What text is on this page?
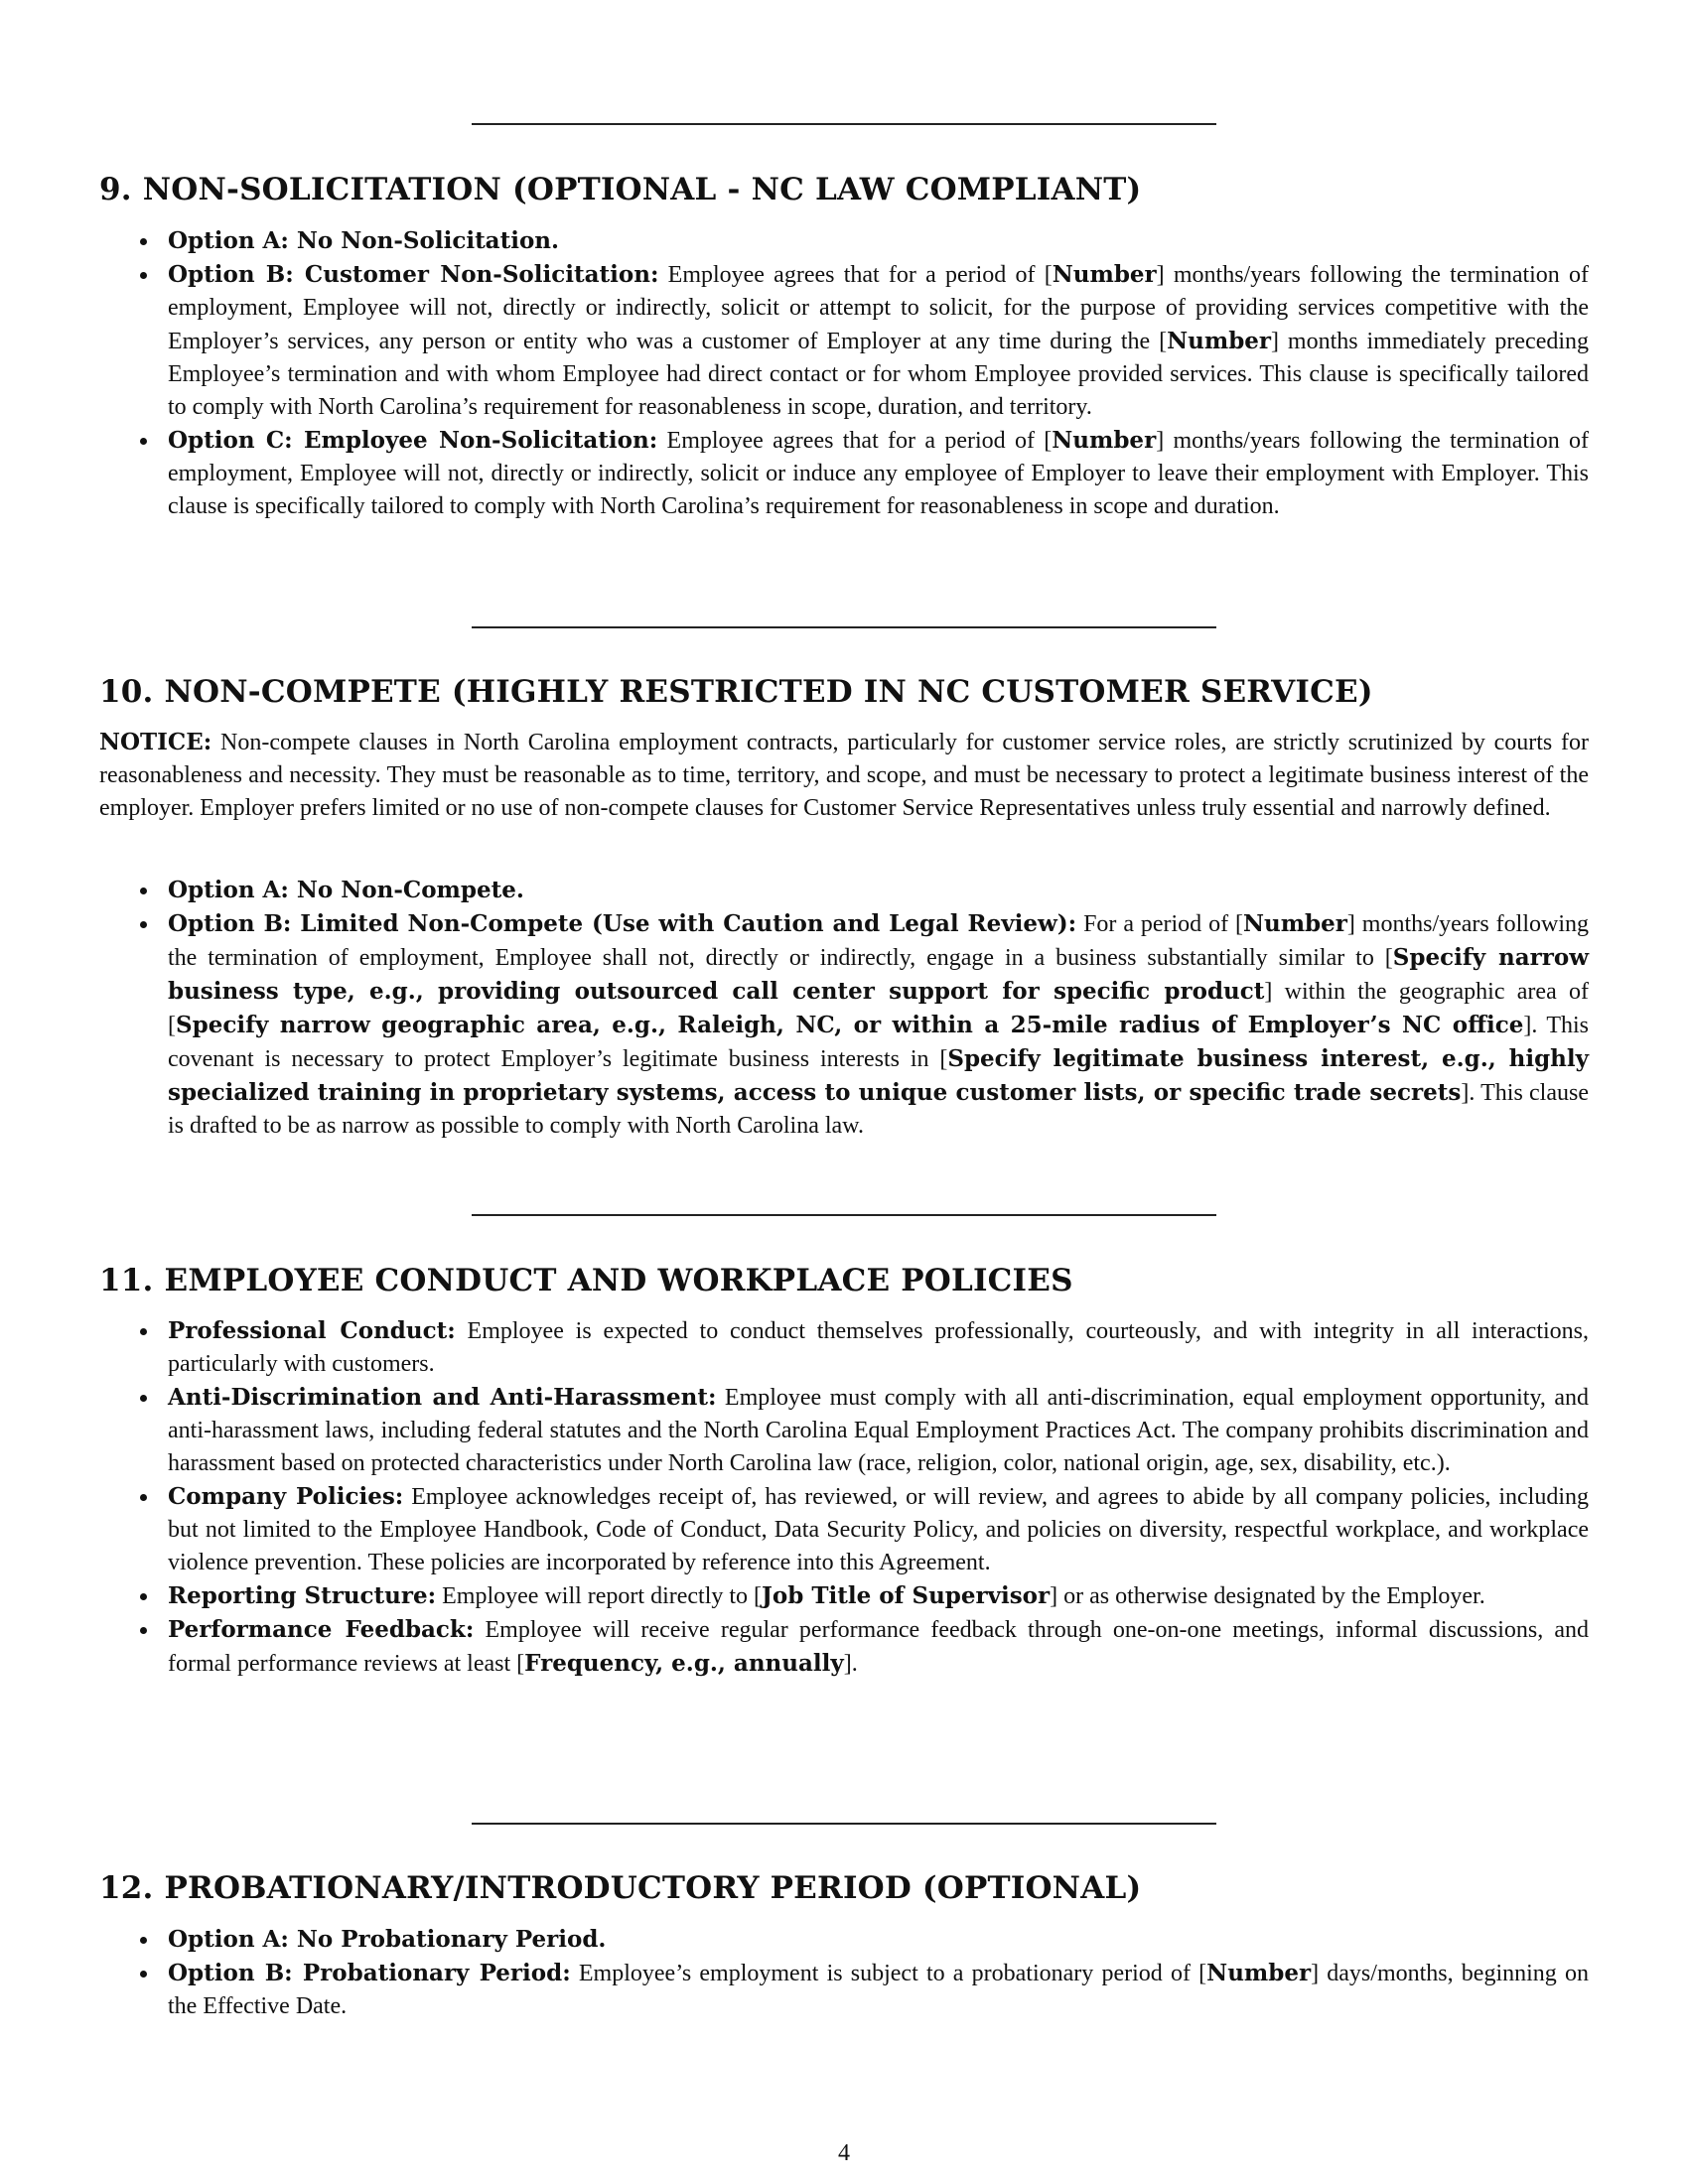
9. NON-SOLICITATION (OPTIONAL - NC LAW COMPLIANT)
Option A: No Non-Solicitation.
Option B: Customer Non-Solicitation: Employee agrees that for a period of [Number] months/years following the termination of employment, Employee will not, directly or indirectly, solicit or attempt to solicit, for the purpose of providing services competitive with the Employer’s services, any person or entity who was a customer of Employer at any time during the [Number] months immediately preceding Employee’s termination and with whom Employee had direct contact or for whom Employee provided services. This clause is specifically tailored to comply with North Carolina’s requirement for reasonableness in scope, duration, and territory.
Option C: Employee Non-Solicitation: Employee agrees that for a period of [Number] months/years following the termination of employment, Employee will not, directly or indirectly, solicit or induce any employee of Employer to leave their employment with Employer. This clause is specifically tailored to comply with North Carolina’s requirement for reasonableness in scope and duration.
10. NON-COMPETE (HIGHLY RESTRICTED IN NC CUSTOMER SERVICE)

NOTICE: Non-compete clauses in North Carolina employment contracts, particularly for customer service roles, are strictly scrutinized by courts for reasonableness and necessity. They must be reasonable as to time, territory, and scope, and must be necessary to protect a legitimate business interest of the employer. Employer prefers limited or no use of non-compete clauses for Customer Service Representatives unless truly essential and narrowly defined.

Option A: No Non-Compete.
Option B: Limited Non-Compete (Use with Caution and Legal Review): For a period of [Number] months/years following the termination of employment, Employee shall not, directly or indirectly, engage in a business substantially similar to [Specify narrow business type, e.g., providing outsourced call center support for specific product] within the geographic area of [Specify narrow geographic area, e.g., Raleigh, NC, or within a 25-mile radius of Employer’s NC office]. This covenant is necessary to protect Employer’s legitimate business interests in [Specify legitimate business interest, e.g., highly specialized training in proprietary systems, access to unique customer lists, or specific trade secrets]. This clause is drafted to be as narrow as possible to comply with North Carolina law.
11. EMPLOYEE CONDUCT AND WORKPLACE POLICIES
Professional Conduct: Employee is expected to conduct themselves professionally, courteously, and with integrity in all interactions, particularly with customers.
Anti-Discrimination and Anti-Harassment: Employee must comply with all anti-discrimination, equal employment opportunity, and anti-harassment laws, including federal statutes and the North Carolina Equal Employment Practices Act. The company prohibits discrimination and harassment based on protected characteristics under North Carolina law (race, religion, color, national origin, age, sex, disability, etc.).
Company Policies: Employee acknowledges receipt of, has reviewed, or will review, and agrees to abide by all company policies, including but not limited to the Employee Handbook, Code of Conduct, Data Security Policy, and policies on diversity, respectful workplace, and workplace violence prevention. These policies are incorporated by reference into this Agreement.
Reporting Structure: Employee will report directly to [Job Title of Supervisor] or as otherwise designated by the Employer.
Performance Feedback: Employee will receive regular performance feedback through one-on-one meetings, informal discussions, and formal performance reviews at least [Frequency, e.g., annually].
12. PROBATIONARY/INTRODUCTORY PERIOD (OPTIONAL)
Option A: No Probationary Period.
Option B: Probationary Period: Employee’s employment is subject to a probationary period of [Number] days/months, beginning on the Effective Date.
4
